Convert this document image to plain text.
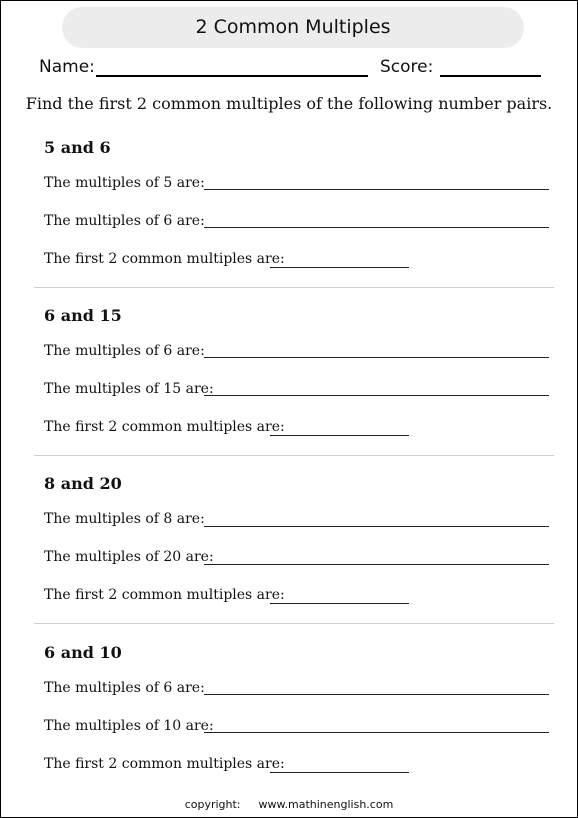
2 Common Multiples
Name:	Score:
Find the first 2 common multiples of the following number pairs.
5 and 6
The multiples of 5 are:
The multiples of 6 are:
The first 2 common multiples are:
6 and 15
The multiples of 6 are:
The multiples of 15 are:
The first 2 common multiples are:
8 and 20
The multiples of 8 are:
The multiples of 20 are:
The first 2 common multiples are:
6 and 10
The multiples of 6 are:
The multiples of 10 are:
The first 2 common multiples are:
copyright: www.mathinenglish.com
